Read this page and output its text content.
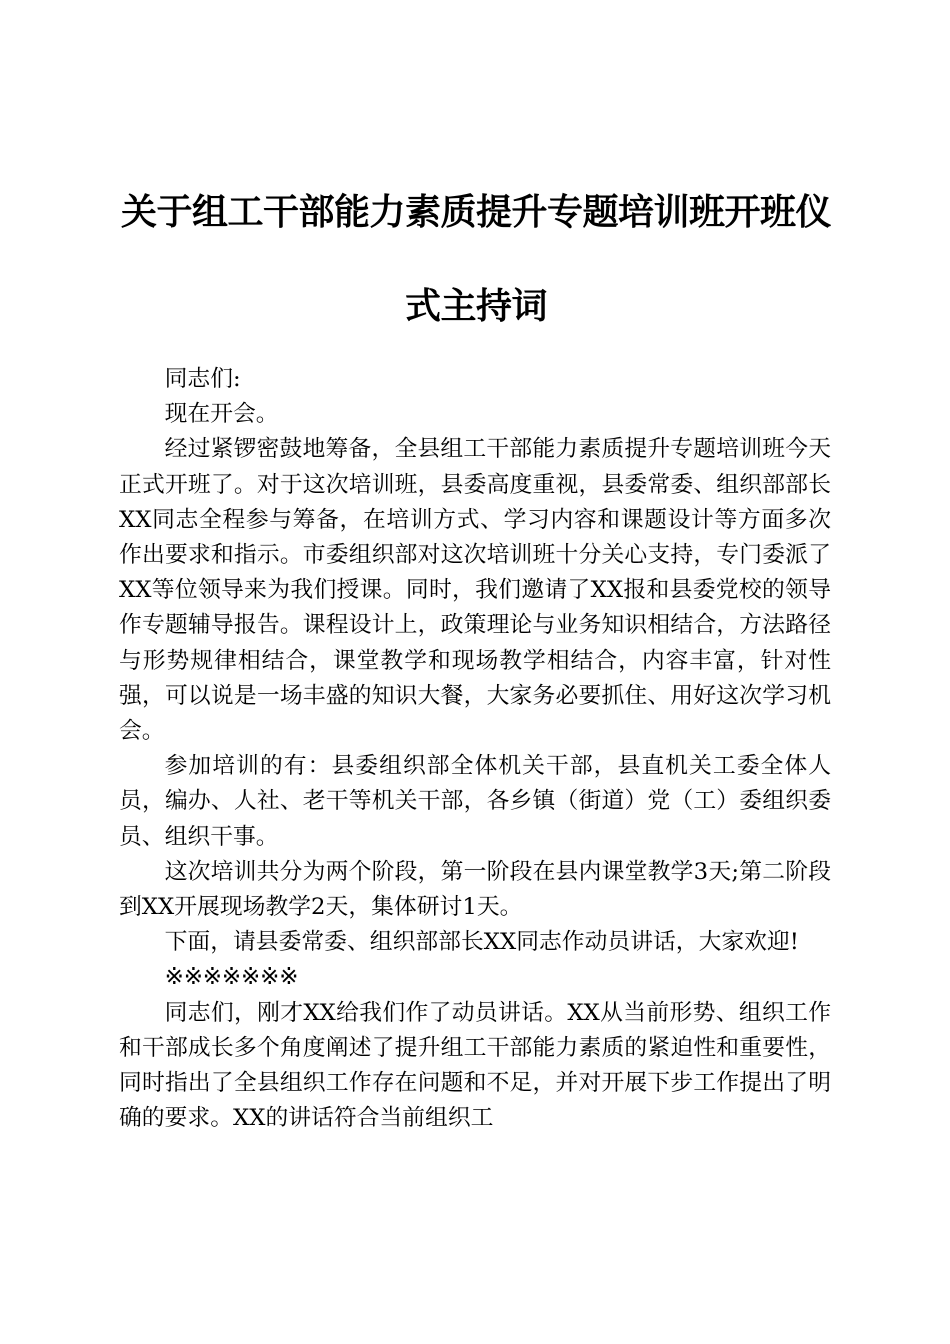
关于组工干部能力素质提升专题培训班开班仪
式主持词

同志们:

现在开会。

经过紧锣密鼓地筹备，全县组工干部能力素质提升专题培训班今天正式开班了。对于这次培训班，县委高度重视，县委常委、组织部部长XX同志全程参与筹备，在培训方式、学习内容和课题设计等方面多次作出要求和指示。市委组织部对这次培训班十分关心支持，专门委派了XX等位领导来为我们授课。同时，我们邀请了XX报和县委党校的领导作专题辅导报告。课程设计上，政策理论与业务知识相结合，方法路径与形势规律相结合，课堂教学和现场教学相结合，内容丰富，针对性强，可以说是一场丰盛的知识大餐，大家务必要抓住、用好这次学习机会。

参加培训的有：县委组织部全体机关干部，县直机关工委全体人员，编办、人社、老干等机关干部，各乡镇（街道）党（工）委组织委员、组织干事。

这次培训共分为两个阶段，第一阶段在县内课堂教学3天;第二阶段到XX开展现场教学2天，集体研讨1天。

下面，请县委常委、组织部部长XX同志作动员讲话，大家欢迎!

※※※※※※※

同志们，刚才XX给我们作了动员讲话。XX从当前形势、组织工作和干部成长多个角度阐述了提升组工干部能力素质的紧迫性和重要性，同时指出了全县组织工作存在问题和不足，并对开展下步工作提出了明确的要求。XX的讲话符合当前组织工
